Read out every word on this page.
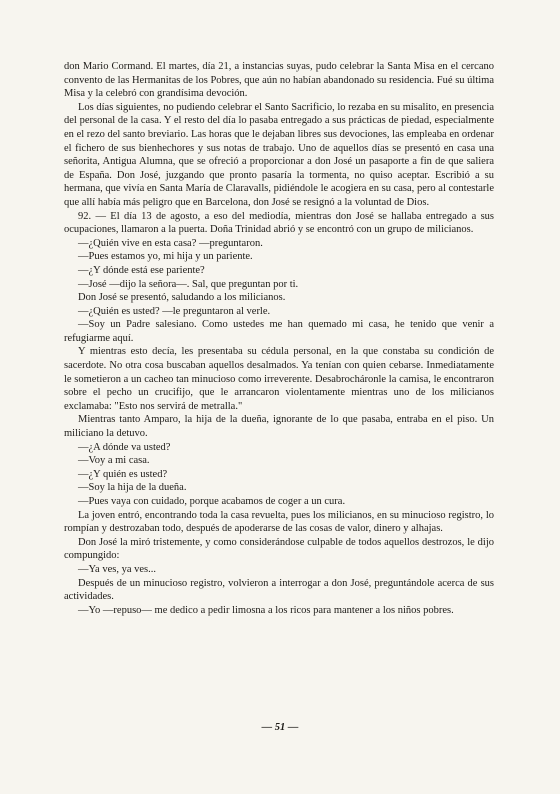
don Mario Cormand. El martes, día 21, a instancias suyas, pudo celebrar la Santa Misa en el cercano convento de las Hermanitas de los Pobres, que aún no habían abandonado su residencia. Fué su última Misa y la celebró con grandísima devoción.

Los días siguientes, no pudiendo celebrar el Santo Sacrificio, lo rezaba en su misalito, en presencia del personal de la casa. Y el resto del día lo pasaba entregado a sus prácticas de piedad, especialmente en el rezo del santo breviario. Las horas que le dejaban libres sus devociones, las empleaba en ordenar el fichero de sus bienhechores y sus notas de trabajo. Uno de aquellos días se presentó en casa una señorita, Antigua Alumna, que se ofreció a proporcionar a don José un pasaporte a fin de que saliera de España. Don José, juzgando que pronto pasaría la tormenta, no quiso aceptar. Escribió a su hermana, que vivía en Santa María de Claravalls, pidiéndole le acogiera en su casa, pero al contestarle que allí había más peligro que en Barcelona, don José se resignó a la voluntad de Dios.

92. — El día 13 de agosto, a eso del mediodía, mientras don José se hallaba entregado a sus ocupaciones, llamaron a la puerta. Doña Trinidad abrió y se encontró con un grupo de milicianos.

—¿Quién vive en esta casa? —preguntaron.

—Pues estamos yo, mi hija y un pariente.

—¿Y dónde está ese pariente?

—José —dijo la señora—. Sal, que preguntan por ti.

Don José se presentó, saludando a los milicianos.

—¿Quién es usted? —le preguntaron al verle.

—Soy un Padre salesiano. Como ustedes me han quemado mi casa, he tenido que venir a refugiarme aquí.

Y mientras esto decía, les presentaba su cédula personal, en la que constaba su condición de sacerdote. No otra cosa buscaban aquellos desalmados. Ya tenían con quien cebarse. Inmediatamente le sometieron a un cacheo tan minucioso como irreverente. Desabrocháronle la camisa, le encontraron sobre el pecho un crucifijo, que le arrancaron violentamente mientras uno de los milicianos exclamaba: "Esto nos servirá de metralla."

Mientras tanto Amparo, la hija de la dueña, ignorante de lo que pasaba, entraba en el piso. Un miliciano la detuvo.

—¿A dónde va usted?

—Voy a mi casa.

—¿Y quién es usted?

—Soy la hija de la dueña.

—Pues vaya con cuidado, porque acabamos de coger a un cura.

La joven entró, encontrando toda la casa revuelta, pues los milicianos, en su minucioso registro, lo rompían y destrozaban todo, después de apoderarse de las cosas de valor, dinero y alhajas.

Don José la miró tristemente, y como considerándose culpable de todos aquellos destrozos, le dijo compungido:

—Ya ves, ya ves...

Después de un minucioso registro, volvieron a interrogar a don José, preguntándole acerca de sus actividades.

—Yo —repuso— me dedico a pedir limosna a los ricos para mantener a los niños pobres.

— 51 —
